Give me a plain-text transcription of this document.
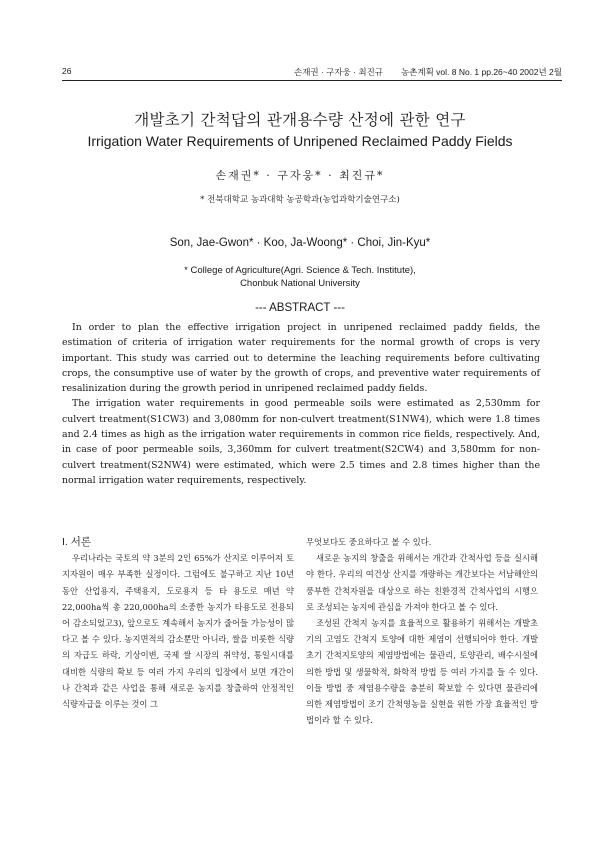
26	손재권 · 구자웅 · 최진규 농촌계획 vol. 8 No. 1 pp.26~40 2002년 2월
개발초기 간척답의 관개용수량 산정에 관한 연구
Irrigation Water Requirements of Unripened Reclaimed Paddy Fields
손재권* · 구자웅* · 최진규*
* 전북대학교 농과대학 농공학과(농업과학기술연구소)
Son, Jae-Gwon* · Koo, Ja-Woong* · Choi, Jin-Kyu*
* College of Agriculture(Agri. Science & Tech. Institute),
Chonbuk National University
--- ABSTRACT ---

In order to plan the effective irrigation project in unripened reclaimed paddy fields, the estimation of criteria of irrigation water requirements for the normal growth of crops is very important. This study was carried out to determine the leaching requirements before cultivating crops, the consumptive use of water by the growth of crops, and preventive water requirements of resalinization during the growth period in unripened reclaimed paddy fields.

The irrigation water requirements in good permeable soils were estimated as 2,530mm for culvert treatment(S1CW3) and 3,080mm for non-culvert treatment(S1NW4), which were 1.8 times and 2.4 times as high as the irrigation water requirements in common rice fields, respectively. And, in case of poor permeable soils, 3,360mm for culvert treatment(S2CW4) and 3,580mm for non-culvert treatment(S2NW4) were estimated, which were 2.5 times and 2.8 times higher than the normal irrigation water requirements, respectively.

I. 서론

우리나라는 국토의 약 3분의 2인 65%가 산지로 이루어져 토지자원이 매우 부족한 실정이다. 그럼에도 불구하고 지난 10년동안 산업용지, 주택용지, 도로용지 등 타 용도로 매년 약 22,000ha씩 총 220,000ha의 소중한 농지가 타용도로 전용되어 감소되었고3), 앞으로도 계속해서 농지가 줄어들 가능성이 많다고 볼 수 있다. 농지면적의 감소뿐만 아니라, 쌀을 비롯한 식량의 자급도 하락, 기상이변, 국제 쌀 시장의 취약성, 통일시대를 대비한 식량의 확보 등 여러 가지 우리의 입장에서 보면 개간이나 간척과 같은 사업을 통해 새로운 농지를 창출하여 안정적인 식량자급을 이루는 것이 그

무엇보다도 중요하다고 볼 수 있다.

새로운 농지의 창출을 위해서는 개간과 간척사업 등을 실시해야 한다. 우리의 여건상 산지를 개량하는 개간보다는 서남해안의 풍부한 간척자원을 대상으로 하는 친환경적 간척사업의 시행으로 조성되는 농지에 관심을 가져야 한다고 볼 수 있다.

조성된 간척지 농지를 효율적으로 활용하기 위해서는 개발초기의 고염도 간척지 토양에 대한 제염이 선행되어야 한다. 개발초기 간척지토양의 제염방법에는 물관리, 토양관리, 배수시설에 의한 방법 및 생물학적, 화학적 방법 등 여러 가지를 들 수 있다. 이들 방법 중 제염용수량을 충분히 확보할 수 있다면 물관리에 의한 제염방법이 조기 간척영농을 실현을 위한 가장 효율적인 방법이라 할 수 있다.
